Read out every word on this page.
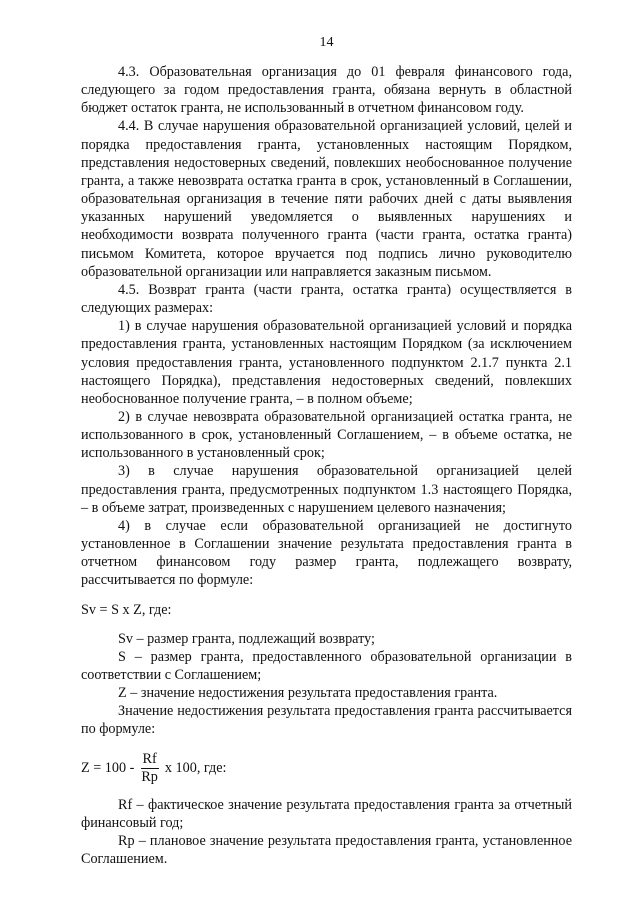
14

4.3. Образовательная организация до 01 февраля финансового года, следующего за годом предоставления гранта, обязана вернуть в областной бюджет остаток гранта, не использованный в отчетном финансовом году.

4.4. В случае нарушения образовательной организацией условий, целей и порядка предоставления гранта, установленных настоящим Порядком, представления недостоверных сведений, повлекших необоснованное получение гранта, а также невозврата остатка гранта в срок, установленный в Соглашении, образовательная организация в течение пяти рабочих дней с даты выявления указанных нарушений уведомляется о выявленных нарушениях и необходимости возврата полученного гранта (части гранта, остатка гранта) письмом Комитета, которое вручается под подпись лично руководителю образовательной организации или направляется заказным письмом.

4.5. Возврат гранта (части гранта, остатка гранта) осуществляется в следующих размерах:

1) в случае нарушения образовательной организацией условий и порядка предоставления гранта, установленных настоящим Порядком (за исключением условия предоставления гранта, установленного подпунктом 2.1.7 пункта 2.1 настоящего Порядка), представления недостоверных сведений, повлекших необоснованное получение гранта, – в полном объеме;

2) в случае невозврата образовательной организацией остатка гранта, не использованного в срок, установленный Соглашением, – в объеме остатка, не использованного в установленный срок;

3) в случае нарушения образовательной организацией целей предоставления гранта, предусмотренных подпунктом 1.3 настоящего Порядка, – в объеме затрат, произведенных с нарушением целевого назначения;

4) в случае если образовательной организацией не достигнуто установленное в Соглашении значение результата предоставления гранта в отчетном финансовом году размер гранта, подлежащего возврату, рассчитывается по формуле:

Sv = S x Z, где:

Sv – размер гранта, подлежащий возврату;

S – размер гранта, предоставленного образовательной организации в соответствии с Соглашением;

Z – значение недостижения результата предоставления гранта.

Значение недостижения результата предоставления гранта рассчитывается по формуле:

$Z = 100 - \frac{Rf}{Rp}$ x 100, где:

Rf – фактическое значение результата предоставления гранта за отчетный финансовый год;

Rp – плановое значение результата предоставления гранта, установленное Соглашением.
